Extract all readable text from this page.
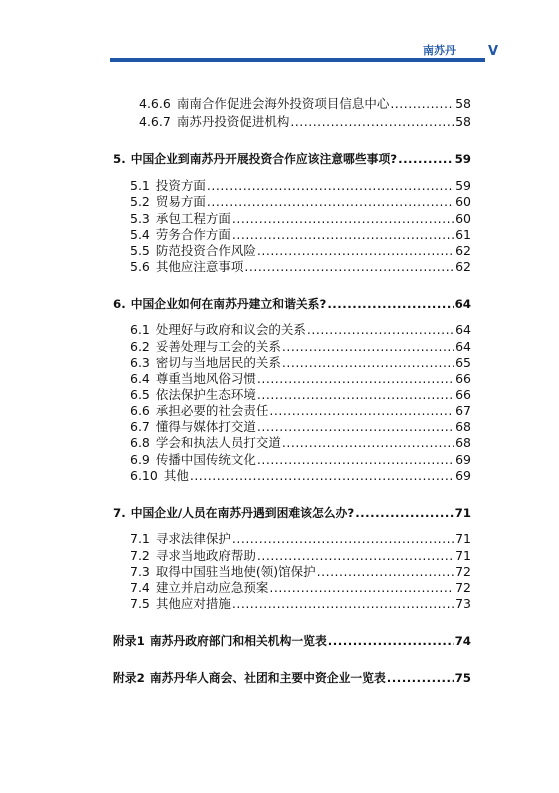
南苏丹 V
4.6.6 南南合作促进会海外投资项目信息中心 .....	58
4.6.7 南苏丹投资促进机构 .....	58
5. 中国企业到南苏丹开展投资合作应该注意哪些事项? .....	59
5.1 投资方面 .....	59
5.2 贸易方面 .....	60
5.3 承包工程方面 .....	60
5.4 劳务合作方面 .....	61
5.5 防范投资合作风险 .....	62
5.6 其他应注意事项 .....	62
6. 中国企业如何在南苏丹建立和谐关系? .....	64
6.1 处理好与政府和议会的关系 .....	64
6.2 妥善处理与工会的关系 .....	64
6.3 密切与当地居民的关系 .....	65
6.4 尊重当地风俗习惯 .....	66
6.5 依法保护生态环境 .....	66
6.6 承担必要的社会责任 .....	67
6.7 懂得与媒体打交道 .....	68
6.8 学会和执法人员打交道 .....	68
6.9 传播中国传统文化 .....	69
6.10 其他 .....	69
7. 中国企业/人员在南苏丹遇到困难该怎么办? .....	71
7.1 寻求法律保护 .....	71
7.2 寻求当地政府帮助 .....	71
7.3 取得中国驻当地使(领)馆保护 .....	72
7.4 建立并启动应急预案 .....	72
7.5 其他应对措施 .....	73
附录1 南苏丹政府部门和相关机构一览表 .....	74
附录2 南苏丹华人商会、社团和主要中资企业一览表 .....	75
